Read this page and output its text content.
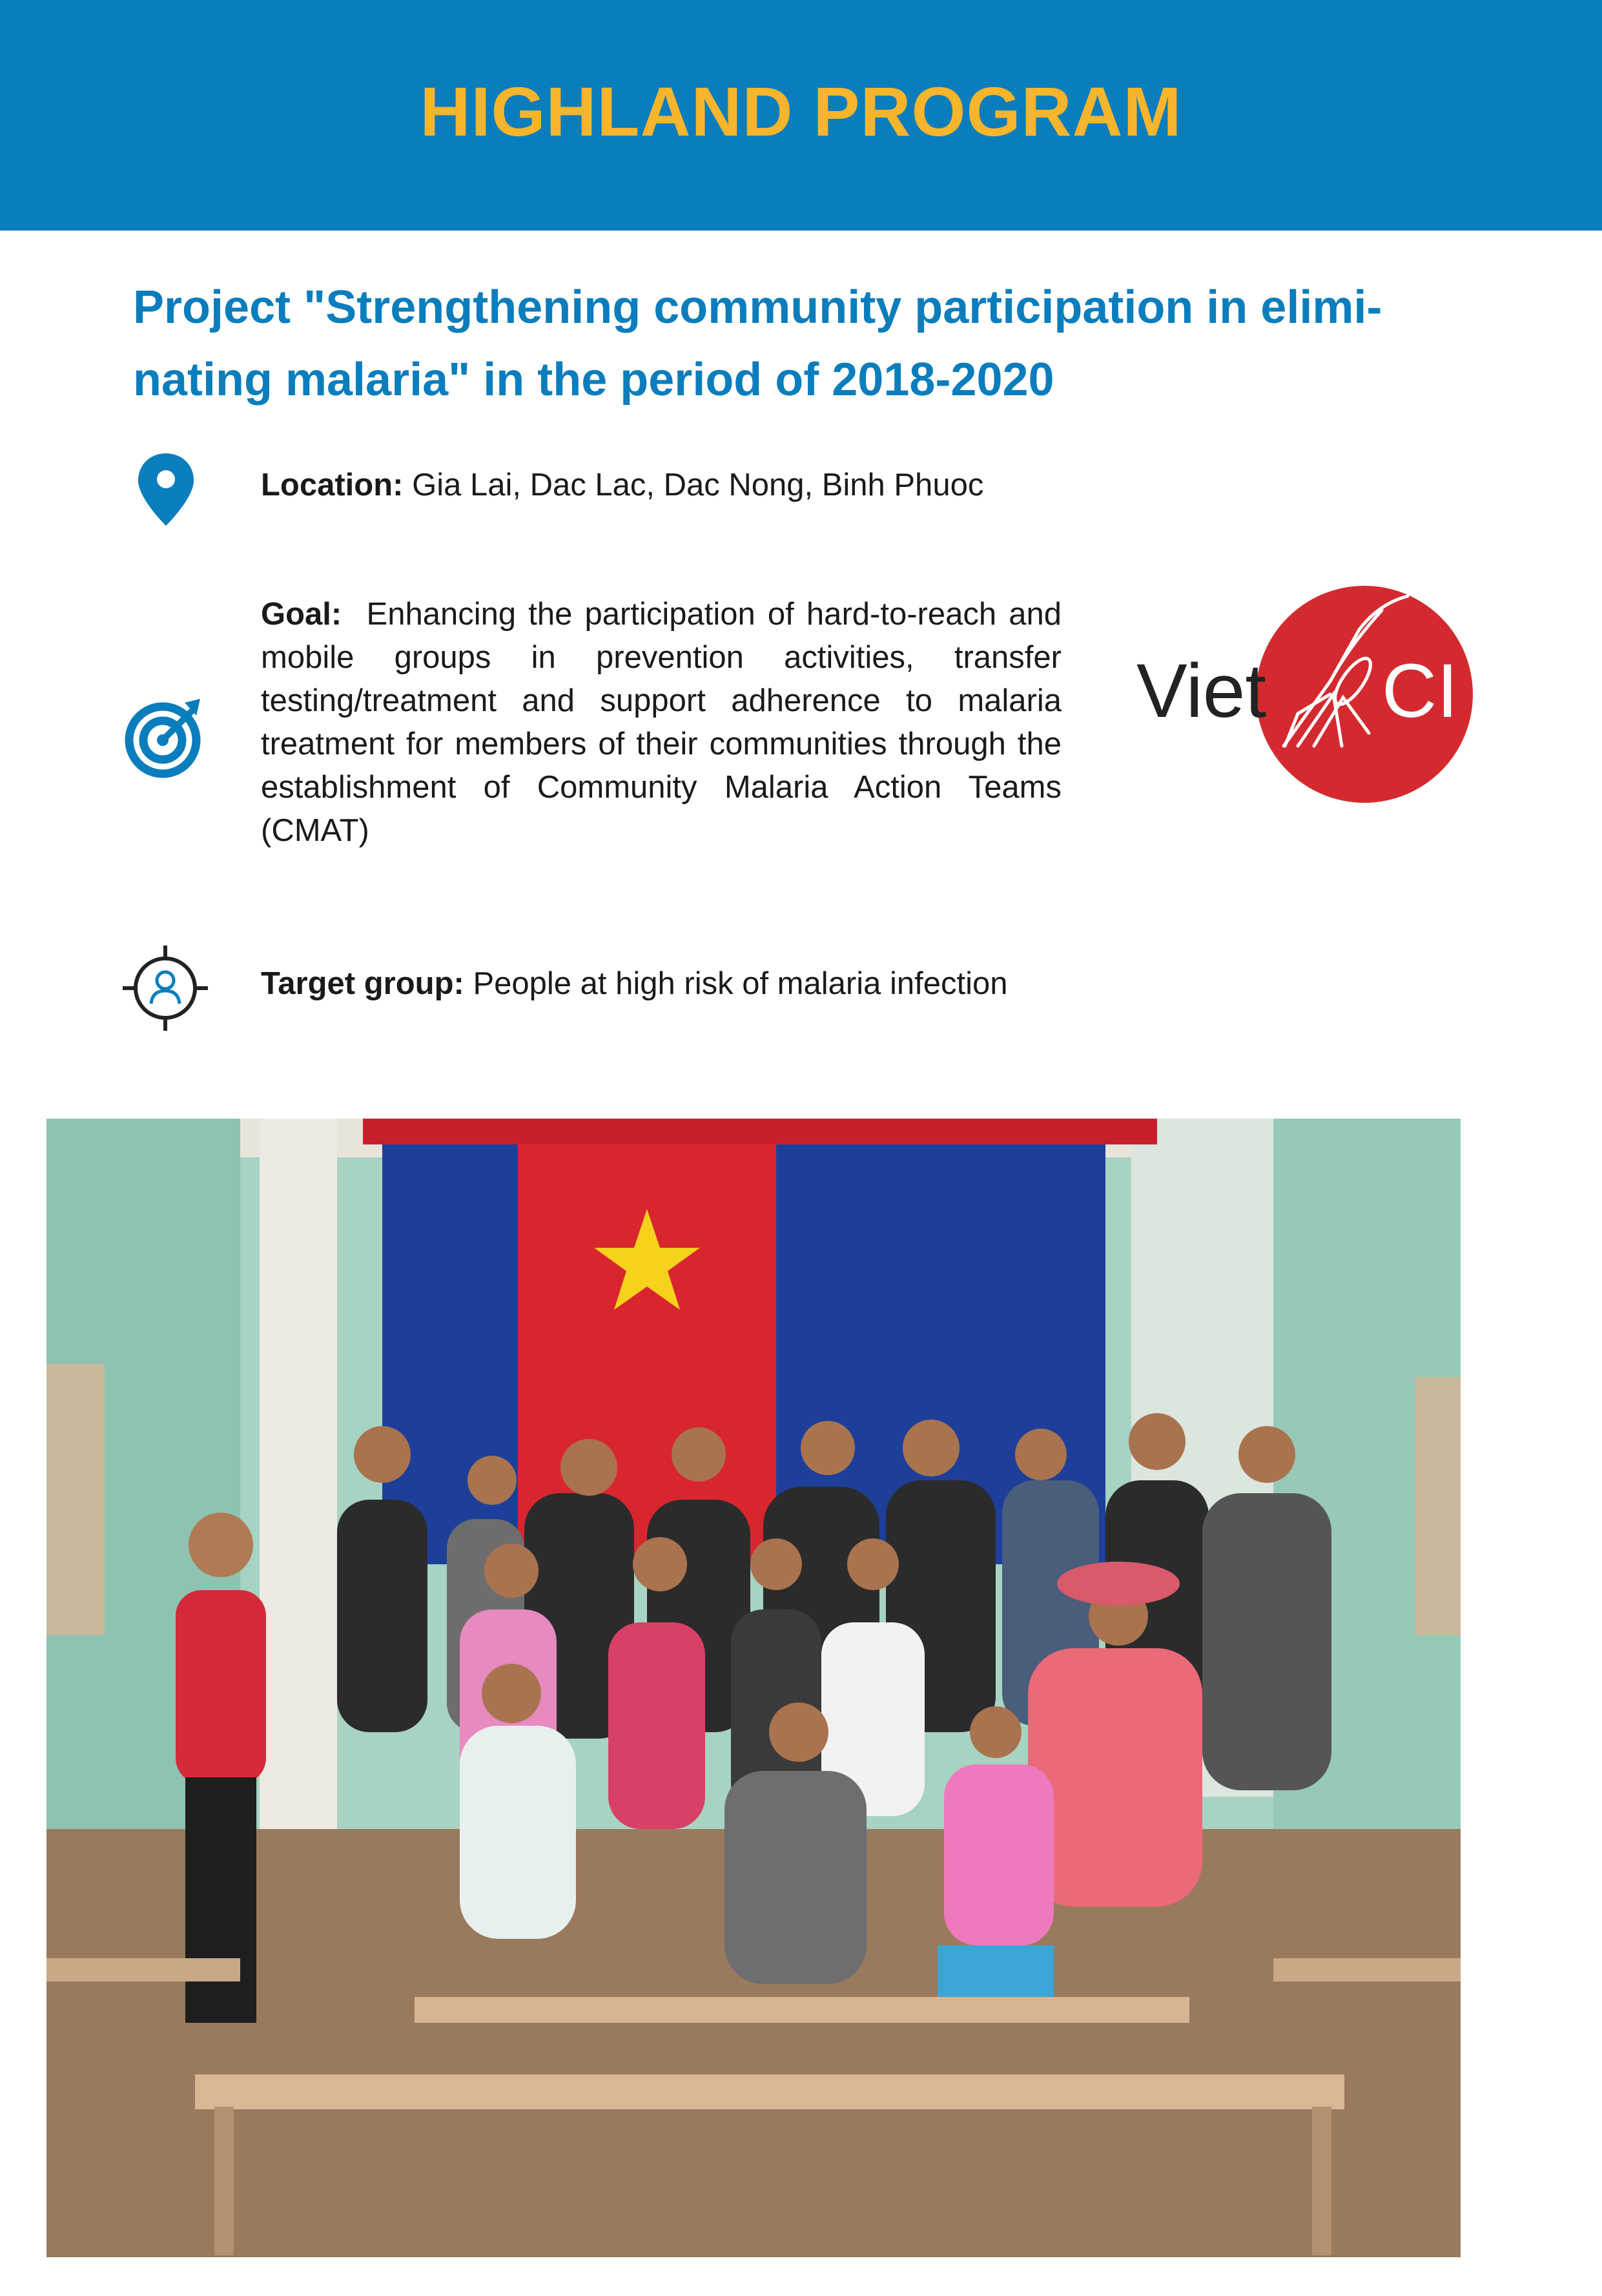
HIGHLAND PROGRAM
Project "Strengthening community participation in elimi-
nating malaria" in the period of 2018-2020
Location: Gia Lai, Dac Lac, Dac Nong, Binh Phuoc
Goal: Enhancing the participation of hard-to-reach and mobile groups in prevention activities, transfer testing/treatment and support adherence to malaria treatment for members of their communities through the establishment of Community Malaria Action Teams (CMAT)
Viet CI
Target group: People at high risk of malaria infection
